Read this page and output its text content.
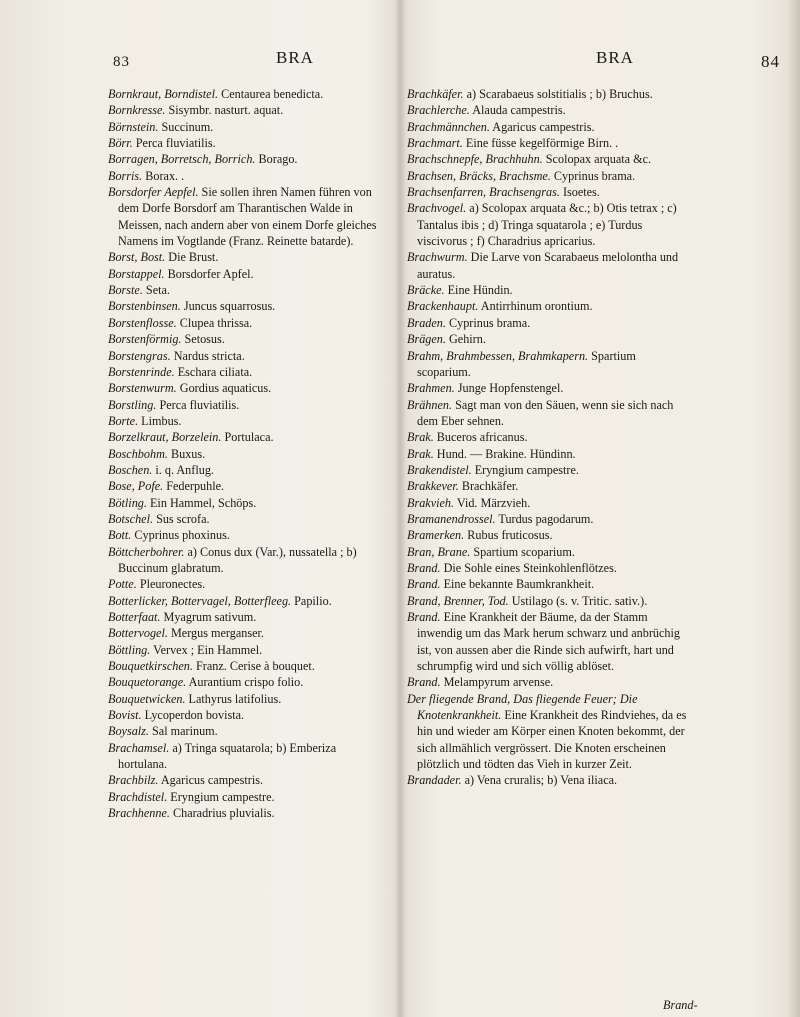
83	BRA

Bornkraut, Borndistel. Centaurea benedicta.

Bornkresse. Sisymbr. nasturt. aquat.

Börnstein. Succinum.

Börr. Perca fluviatilis.

Borragen, Borretsch, Borrich. Borago.

Borris. Borax. .

Borsdorfer Aepfel. Sie sollen ihren Namen führen von dem Dorfe Borsdorf am Tharantischen Walde in Meissen, nach andern aber von einem Dorfe gleiches Namens im Vogtlande (Franz. Reinette batarde).

Borst, Bost. Die Brust.

Borstappel. Borsdorfer Apfel.

Borste. Seta.

Borstenbinsen. Juncus squarrosus.

Borstenflosse. Clupea thrissa.

Borstenförmig. Setosus.

Borstengras. Nardus stricta.

Borstenrinde. Eschara ciliata.

Borstenwurm. Gordius aquaticus.

Borstling. Perca fluviatilis.

Borte. Limbus.

Borzelkraut, Borzelein. Portulaca.

Boschbohm. Buxus.

Boschen. i. q. Anflug.

Bose, Pofe. Federpuhle.

Bötling. Ein Hammel, Schöps.

Botschel. Sus scrofa.

Bott. Cyprinus phoxinus.

Böttcherbohrer. a) Conus dux (Var.), nussatella ; b) Buccinum glabratum.

Potte. Pleuronectes.

Botterlicker, Bottervagel, Botterfleeg. Papilio.

Botterfaat. Myagrum sativum.

Bottervogel. Mergus merganser.

Böttling. Vervex ; Ein Hammel.

Bouquetkirschen. Franz. Cerise à bouquet.

Bouquetorange. Aurantium crispo folio.

Bouquetwicken. Lathyrus latifolius.

Bovist. Lycoperdon bovista.

Boysalz. Sal marinum.

Brachamsel. a) Tringa squatarola; b) Emberiza hortulana.

Brachbilz. Agaricus campestris.

Brachdistel. Eryngium campestre.

Brachhenne. Charadrius pluvialis.

BRA	84

Brachkäfer. a) Scarabaeus solstitialis ; b) Bruchus.

Brachlerche. Alauda campestris.

Brachmännchen. Agaricus campestris.

Brachmart. Eine füsse kegelförmige Birn. .

Brachschnepfe, Brachhuhn. Scolopax arquata &c.

Brachsen, Bräcks, Brachsme. Cyprinus brama.

Brachsenfarren, Brachsengras. Isoetes.

Brachvogel. a) Scolopax arquata &c.; b) Otis tetrax ; c) Tantalus ibis ; d) Tringa squatarola ; e) Turdus viscivorus ; f) Charadrius apricarius.

Brachwurm. Die Larve von Scarabaeus melolontha und auratus.

Bräcke. Eine Hündin.

Brackenhaupt. Antirrhinum orontium.

Braden. Cyprinus brama.

Brägen. Gehirn.

Brahm, Brahmbessen, Brahmkapern. Spartium scoparium.

Brahmen. Junge Hopfenstengel.

Brähnen. Sagt man von den Säuen, wenn sie sich nach dem Eber sehnen.

Brak. Buceros africanus.

Brak. Hund. — Brakine. Hündinn.

Brakendistel. Eryngium campestre.

Brakkever. Brachkäfer.

Brakvieh. Vid. Märzvieh.

Bramanendrossel. Turdus pagodarum.

Bramerken. Rubus fruticosus.

Bran, Brane. Spartium scoparium.

Brand. Die Sohle eines Steinkohlenflötzes.

Brand. Eine bekannte Baumkrankheit.

Brand, Brenner, Tod. Ustilago (s. v. Tritic. sativ.).

Brand. Eine Krankheit der Bäume, da der Stamm inwendig um das Mark herum schwarz und anbrüchig ist, von aussen aber die Rinde sich aufwirft, hart und schrumpfig wird und sich völlig ablöset.

Brand. Melampyrum arvense.

Der fliegende Brand, Das fliegende Feuer; Die Knotenkrankheit. Eine Krankheit des Rindviehes, da es hin und wieder am Körper einen Knoten bekommt, der sich allmählich vergrössert. Die Knoten erscheinen plötzlich und tödten das Vieh in kurzer Zeit.

Brandader. a) Vena cruralis; b) Vena iliaca.

Brand-
